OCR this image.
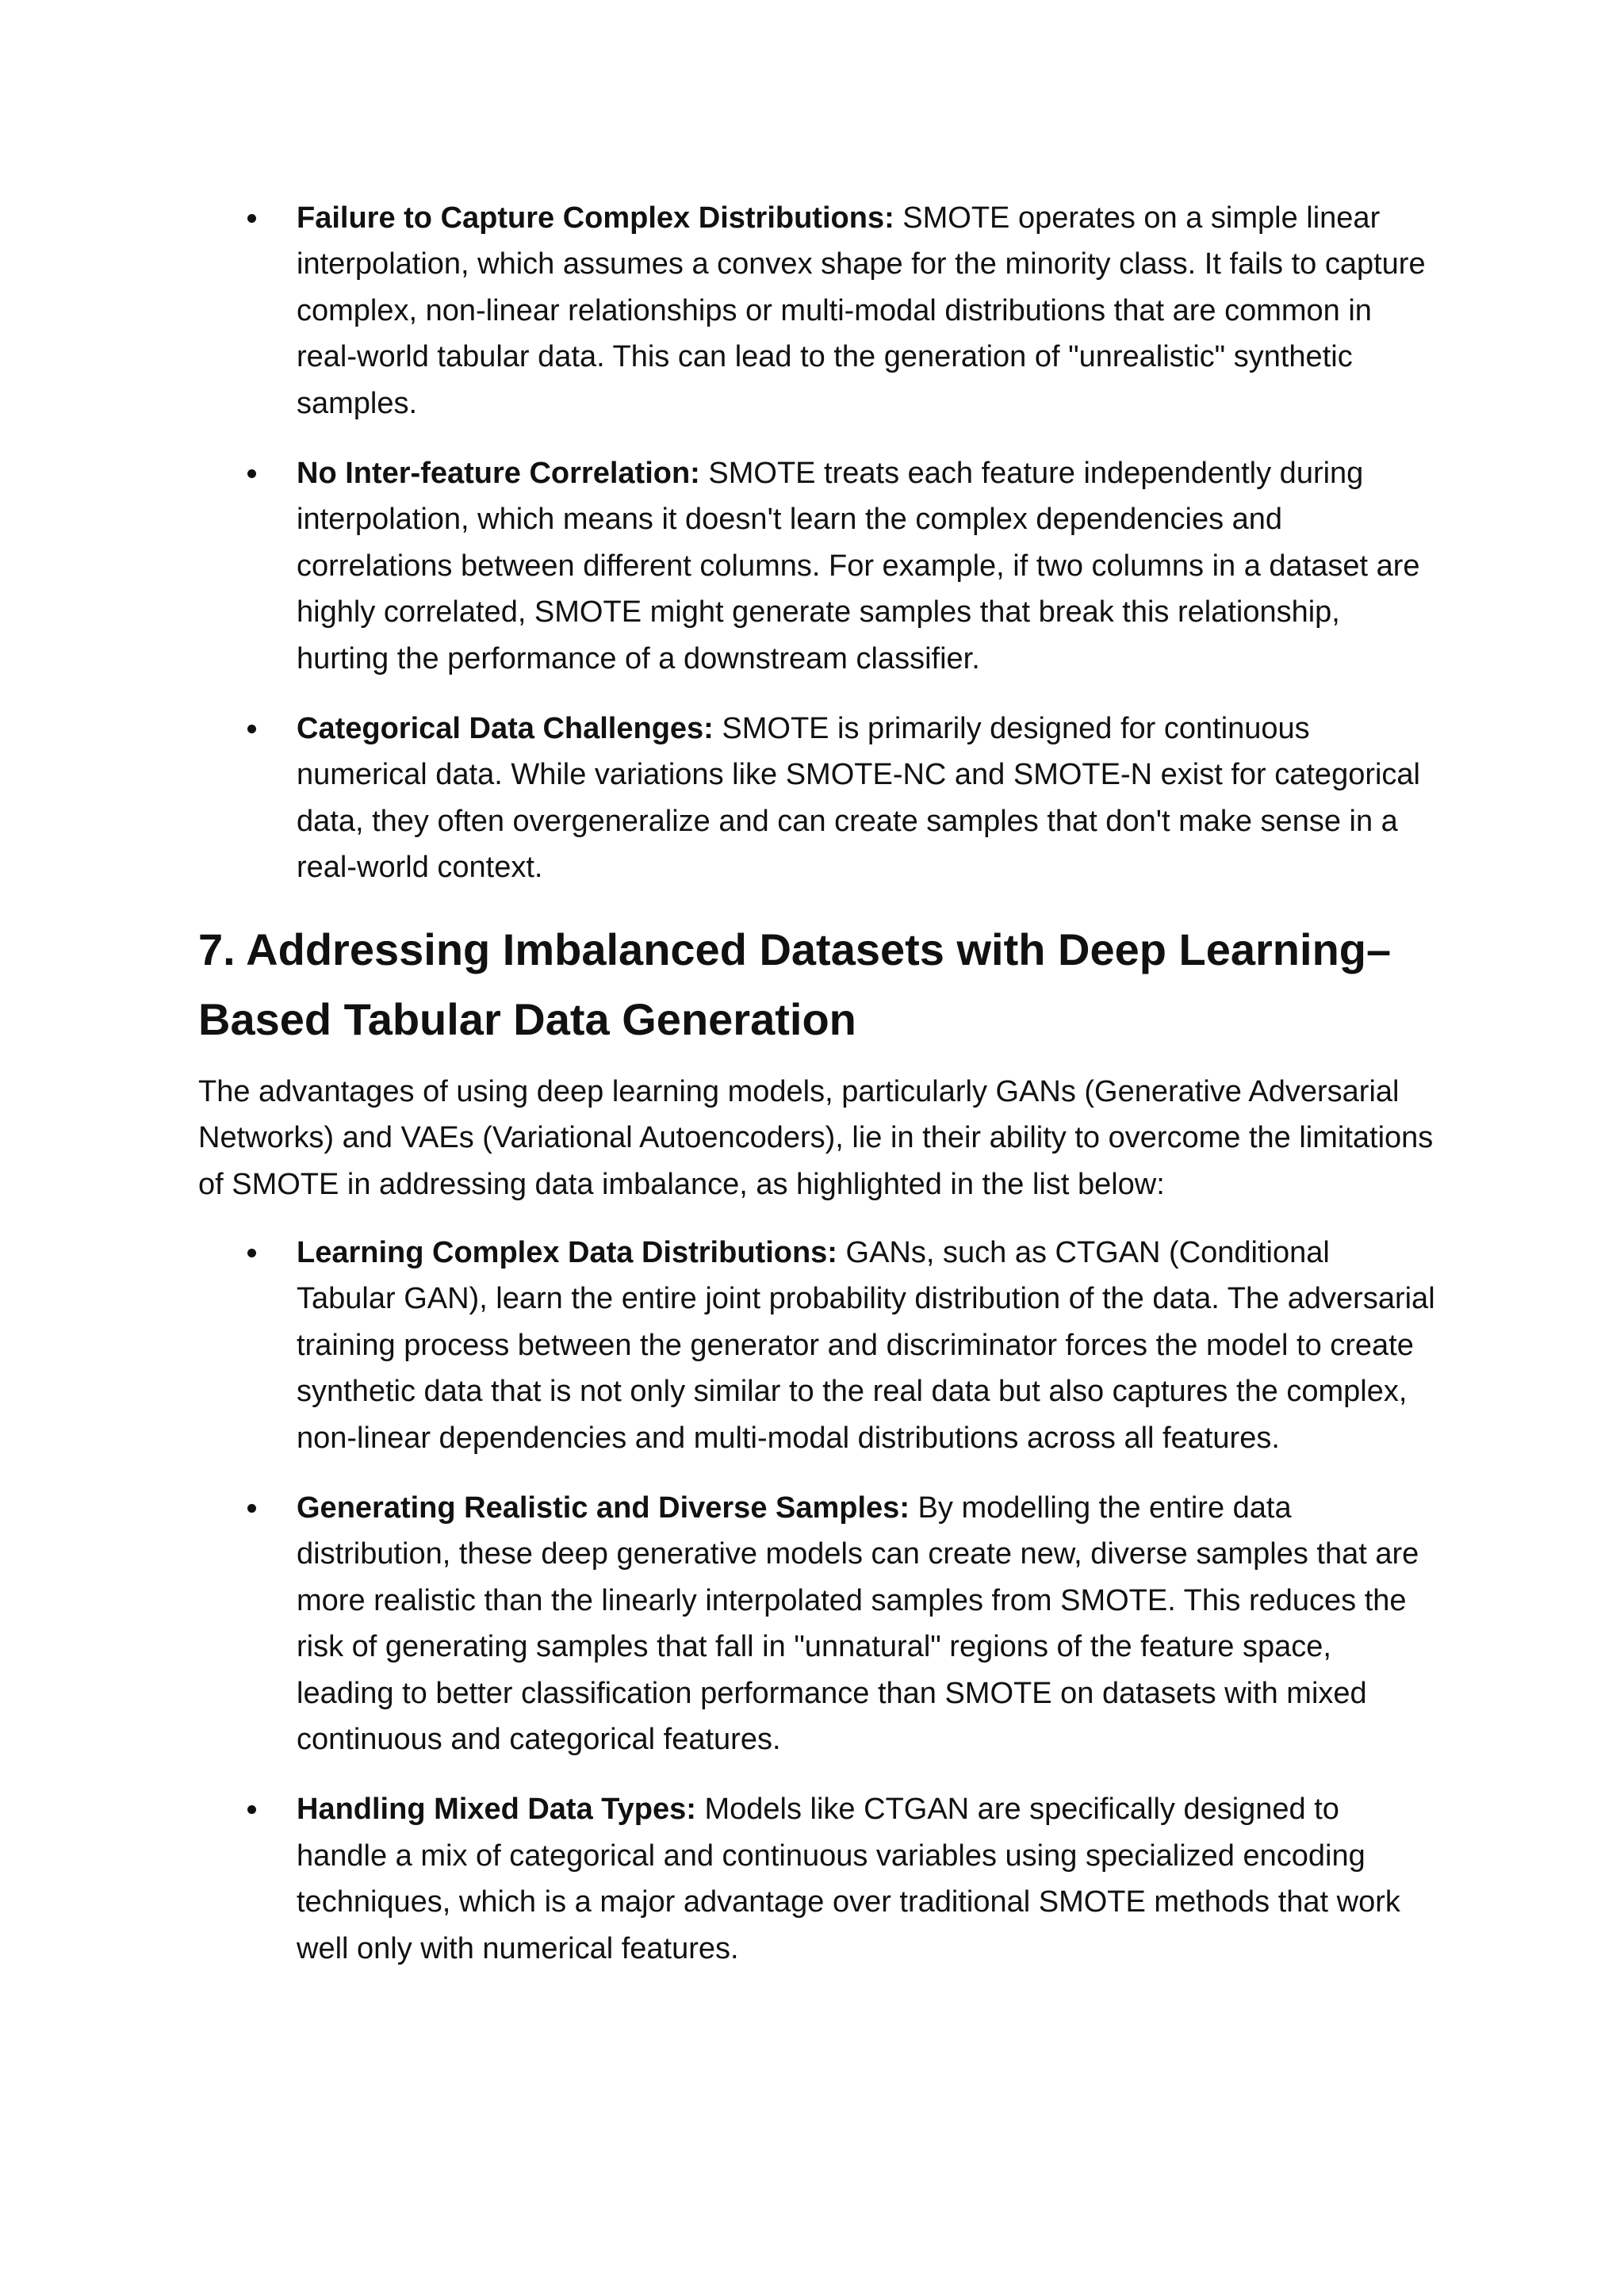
Failure to Capture Complex Distributions: SMOTE operates on a simple linear interpolation, which assumes a convex shape for the minority class. It fails to capture complex, non-linear relationships or multi-modal distributions that are common in real-world tabular data. This can lead to the generation of "unrealistic" synthetic samples.
No Inter-feature Correlation: SMOTE treats each feature independently during interpolation, which means it doesn't learn the complex dependencies and correlations between different columns. For example, if two columns in a dataset are highly correlated, SMOTE might generate samples that break this relationship, hurting the performance of a downstream classifier.
Categorical Data Challenges: SMOTE is primarily designed for continuous numerical data. While variations like SMOTE-NC and SMOTE-N exist for categorical data, they often overgeneralize and can create samples that don't make sense in a real-world context.
7. Addressing Imbalanced Datasets with Deep Learning–Based Tabular Data Generation

The advantages of using deep learning models, particularly GANs (Generative Adversarial Networks) and VAEs (Variational Autoencoders), lie in their ability to overcome the limitations of SMOTE in addressing data imbalance, as highlighted in the list below:

Learning Complex Data Distributions: GANs, such as CTGAN (Conditional Tabular GAN), learn the entire joint probability distribution of the data. The adversarial training process between the generator and discriminator forces the model to create synthetic data that is not only similar to the real data but also captures the complex, non-linear dependencies and multi-modal distributions across all features.
Generating Realistic and Diverse Samples: By modelling the entire data distribution, these deep generative models can create new, diverse samples that are more realistic than the linearly interpolated samples from SMOTE. This reduces the risk of generating samples that fall in "unnatural" regions of the feature space, leading to better classification performance than SMOTE on datasets with mixed continuous and categorical features.
Handling Mixed Data Types: Models like CTGAN are specifically designed to handle a mix of categorical and continuous variables using specialized encoding techniques, which is a major advantage over traditional SMOTE methods that work well only with numerical features.
